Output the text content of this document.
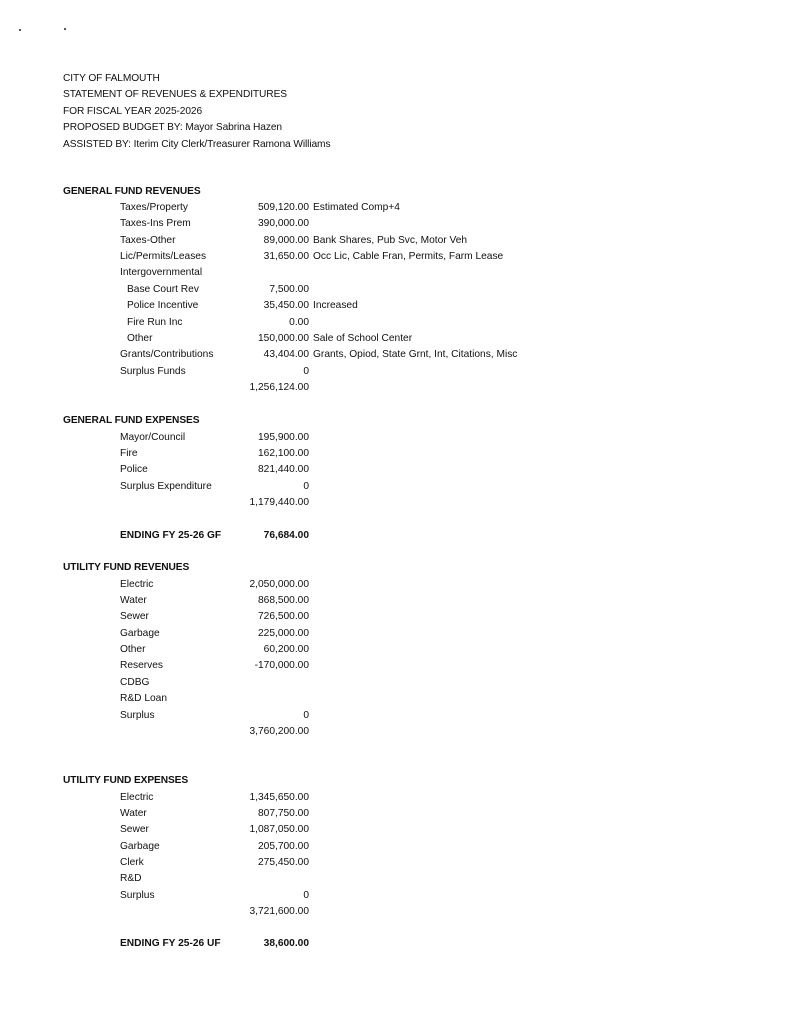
CITY OF FALMOUTH
STATEMENT OF REVENUES & EXPENDITURES
FOR FISCAL YEAR 2025-2026
PROPOSED BUDGET BY: Mayor Sabrina Hazen
ASSISTED BY: Iterim City Clerk/Treasurer Ramona Williams
GENERAL FUND REVENUES
Taxes/Property	509,120.00 Estimated Comp+4
Taxes-Ins Prem	390,000.00
Taxes-Other	89,000.00 Bank Shares, Pub Svc, Motor Veh
Lic/Permits/Leases	31,650.00 Occ Lic, Cable Fran, Permits, Farm Lease
Intergovernmental
Base Court Rev	7,500.00
Police Incentive	35,450.00 Increased
Fire Run Inc	0.00
Other	150,000.00 Sale of School Center
Grants/Contributions	43,404.00 Grants, Opiod, State Grnt, Int, Citations, Misc
Surplus Funds	0
1,256,124.00
GENERAL FUND EXPENSES
Mayor/Council	195,900.00
Fire	162,100.00
Police	821,440.00
Surplus Expenditure	0
1,179,440.00
ENDING FY 25-26 GF	76,684.00
UTILITY FUND REVENUES
Electric	2,050,000.00
Water	868,500.00
Sewer	726,500.00
Garbage	225,000.00
Other	60,200.00
Reserves	-170,000.00
CDBG
R&D Loan
Surplus	0
3,760,200.00
UTILITY FUND EXPENSES
Electric	1,345,650.00
Water	807,750.00
Sewer	1,087,050.00
Garbage	205,700.00
Clerk	275,450.00
R&D
Surplus	0
3,721,600.00
ENDING FY 25-26 UF	38,600.00
